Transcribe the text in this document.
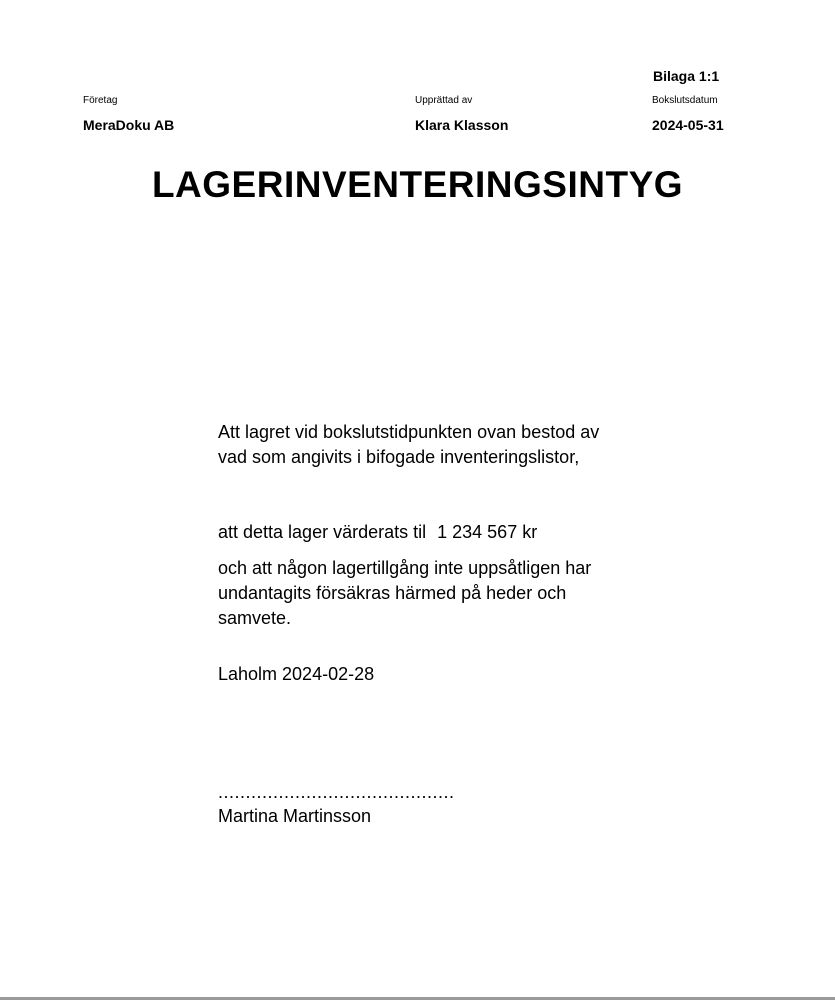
Bilaga 1:1
Företag	Upprättad av	Bokslutsdatum
MeraDoku AB	Klara Klasson	2024-05-31
LAGERINVENTERINGSINTYG
Att lagret vid bokslutstidpunkten ovan bestod av
vad som angivits i bifogade inventeringslistor,
att detta lager värderats til 1 234 567 kr
och att någon lagertillgång inte uppsåtligen har
undantagits försäkras härmed på heder och
samvete.
Laholm 2024-02-28
...........................................
Martina Martinsson
